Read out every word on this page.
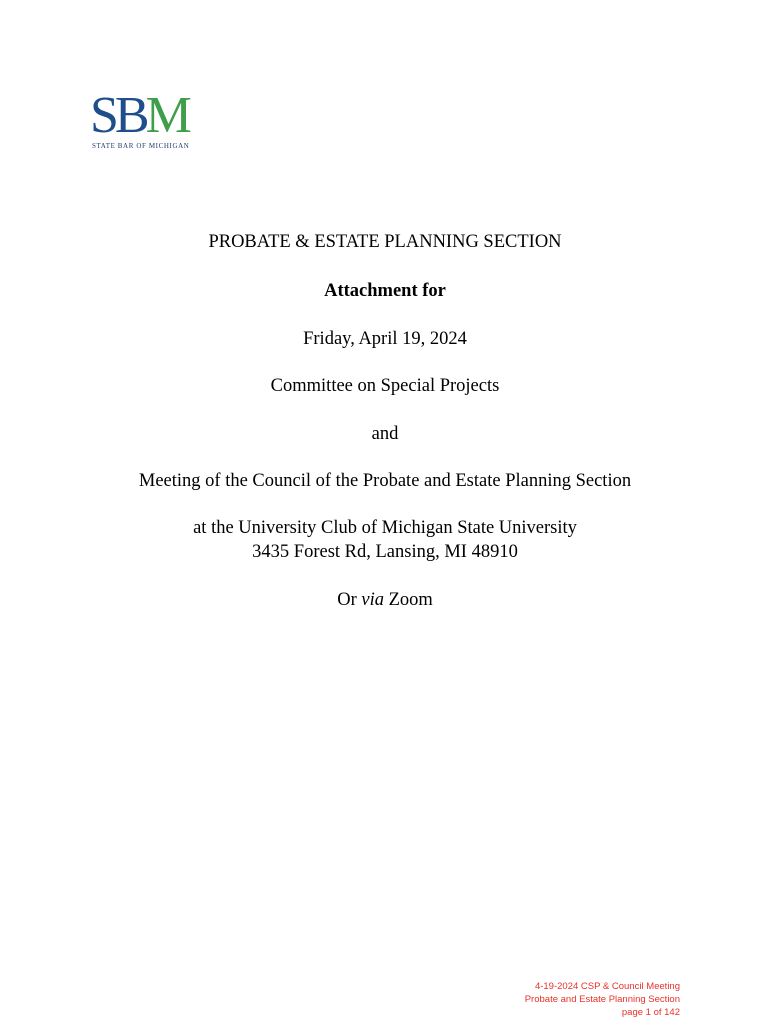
SBM
STATE BAR OF MICHIGAN
PROBATE & ESTATE PLANNING SECTION
Attachment for
Friday, April 19, 2024
Committee on Special Projects
and
Meeting of the Council of the Probate and Estate Planning Section
at the University Club of Michigan State University
3435 Forest Rd, Lansing, MI 48910
Or via Zoom
4-19-2024 CSP & Council Meeting
Probate and Estate Planning Section
page 1 of 142
